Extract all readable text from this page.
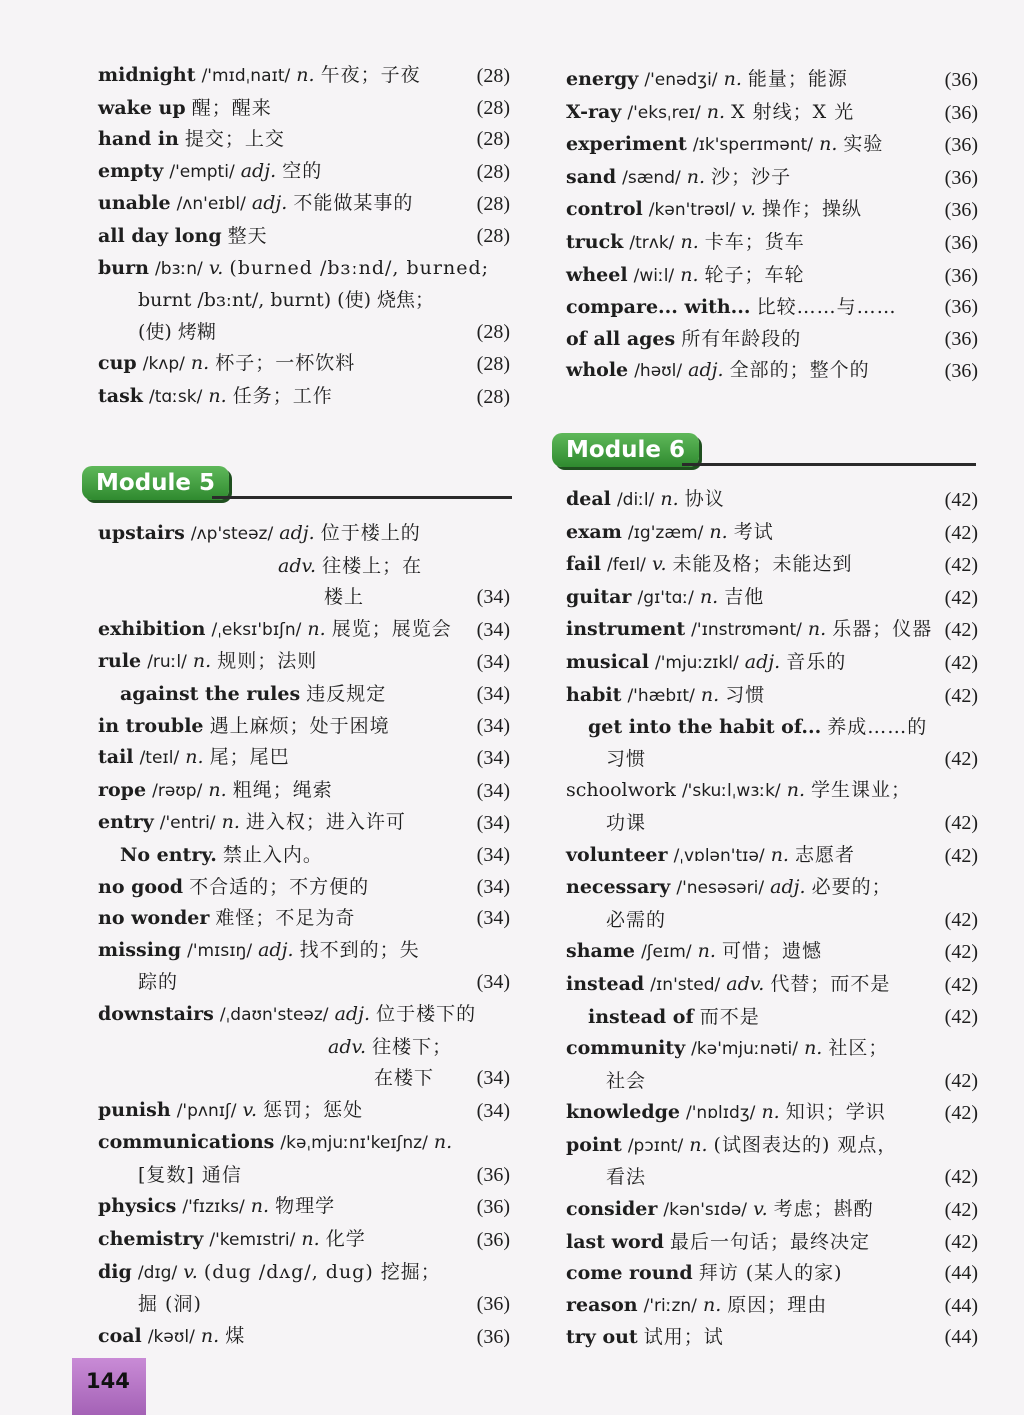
midnight /'mɪdˌnaɪt/ n. 午夜；子夜	(28)
wake up 醒；醒来	(28)
hand in 提交；上交	(28)
empty /'empti/ adj. 空的	(28)
unable /ʌn'eɪbl/ adj. 不能做某事的	(28)
all day long 整天	(28)
burn /bɜːn/ v. (burned /bɜːnd/, burned;
burnt /bɜːnt/, burnt) (使) 烧焦；
(使) 烤糊	(28)
cup /kʌp/ n. 杯子；一杯饮料	(28)
task /tɑːsk/ n. 任务；工作	(28)
Module 5
upstairs /ʌp'steəz/ adj. 位于楼上的
adv. 往楼上；在
楼上	(34)
exhibition /ˌeksɪ'bɪʃn/ n. 展览；展览会	(34)
rule /ruːl/ n. 规则；法则	(34)
against the rules 违反规定	(34)
in trouble 遇上麻烦；处于困境	(34)
tail /teɪl/ n. 尾；尾巴	(34)
rope /rəʊp/ n. 粗绳；绳索	(34)
entry /'entri/ n. 进入权；进入许可	(34)
No entry. 禁止入内。	(34)
no good 不合适的；不方便的	(34)
no wonder 难怪；不足为奇	(34)
missing /'mɪsɪŋ/ adj. 找不到的；失
踪的	(34)
downstairs /ˌdaʊn'steəz/ adj. 位于楼下的
adv. 往楼下；
在楼下	(34)
punish /'pʌnɪʃ/ v. 惩罚；惩处	(34)
communications /kəˌmjuːnɪ'keɪʃnz/ n.
[复数] 通信	(36)
physics /'fɪzɪks/ n. 物理学	(36)
chemistry /'kemɪstri/ n. 化学	(36)
dig /dɪg/ v. (dug /dʌg/, dug) 挖掘；
掘 (洞)	(36)
coal /kəʊl/ n. 煤	(36)
energy /'enədʒi/ n. 能量；能源	(36)
X-ray /'eksˌreɪ/ n. X 射线；X 光	(36)
experiment /ɪk'sperɪmənt/ n. 实验	(36)
sand /sænd/ n. 沙；沙子	(36)
control /kən'trəʊl/ v. 操作；操纵	(36)
truck /trʌk/ n. 卡车；货车	(36)
wheel /wiːl/ n. 轮子；车轮	(36)
compare... with... 比较……与……	(36)
of all ages 所有年龄段的	(36)
whole /həʊl/ adj. 全部的；整个的	(36)
Module 6
deal /diːl/ n. 协议	(42)
exam /ɪg'zæm/ n. 考试	(42)
fail /feɪl/ v. 未能及格；未能达到	(42)
guitar /gɪ'tɑː/ n. 吉他	(42)
instrument /'ɪnstrʊmənt/ n. 乐器；仪器 (42)
musical /'mjuːzɪkl/ adj. 音乐的	(42)
habit /'hæbɪt/ n. 习惯	(42)
get into the habit of... 养成……的
习惯	(42)
schoolwork /'skuːlˌwɜːk/ n. 学生课业；
功课	(42)
volunteer /ˌvɒlən'tɪə/ n. 志愿者	(42)
necessary /'nesəsəri/ adj. 必要的；
必需的	(42)
shame /ʃeɪm/ n. 可惜；遗憾	(42)
instead /ɪn'sted/ adv. 代替；而不是	(42)
instead of 而不是	(42)
community /kə'mjuːnəti/ n. 社区；
社会	(42)
knowledge /'nɒlɪdʒ/ n. 知识；学识	(42)
point /pɔɪnt/ n. (试图表达的) 观点，
看法	(42)
consider /kən'sɪdə/ v. 考虑；斟酌	(42)
last word 最后一句话；最终决定	(42)
come round 拜访 (某人的家)	(44)
reason /'riːzn/ n. 原因；理由	(44)
try out 试用；试	(44)
144
